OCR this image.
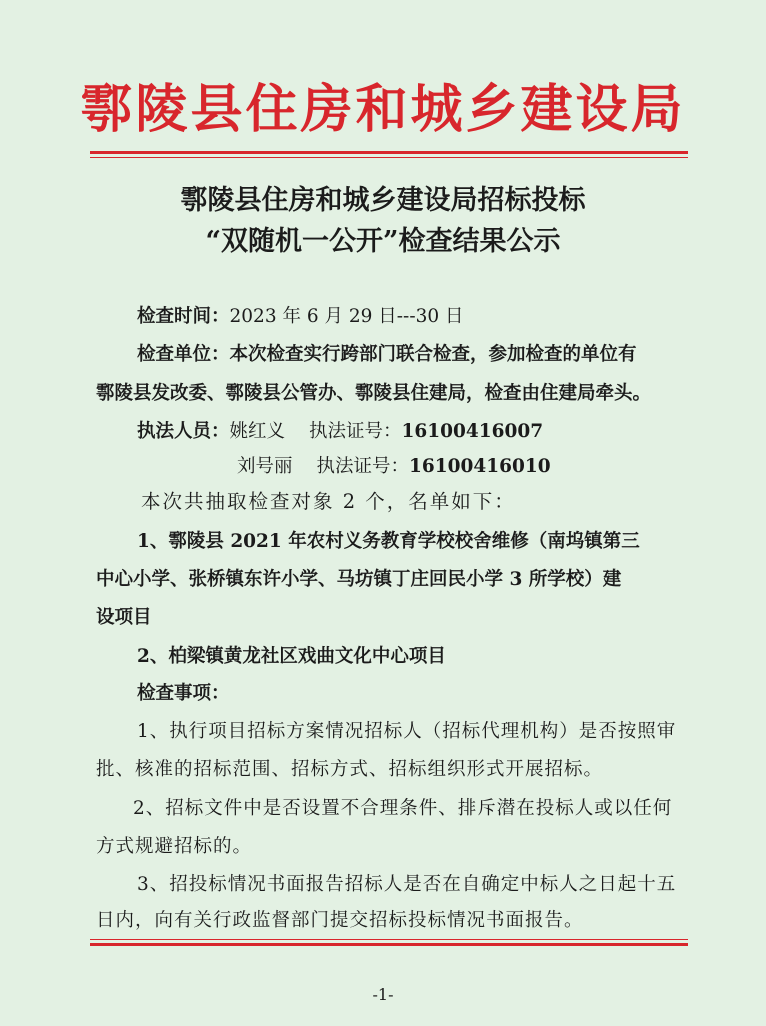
鄠陵县住房和城乡建设局
鄠陵县住房和城乡建设局招标投标
“双随机一公开”检查结果公示
检查时间：2023 年 6 月 29 日---30 日
检查单位：本次检查实行跨部门联合检查，参加检查的单位有
鄠陵县发改委、鄠陵县公管办、鄠陵县住建局，检查由住建局牵头。
执法人员：姚红义 执法证号：16100416007
刘号丽 执法证号：16100416010
本次共抽取检查对象 2 个，名单如下：
1、鄠陵县 2021 年农村义务教育学校校舍维修（南坞镇第三
中心小学、张桥镇东许小学、马坊镇丁庄回民小学 3 所学校）建
设项目
2、柏梁镇黄龙社区戏曲文化中心项目
检查事项：
1、执行项目招标方案情况招标人（招标代理机构）是否按照审
批、核准的招标范围、招标方式、招标组织形式开展招标。
2、招标文件中是否设置不合理条件、排斥潜在投标人或以任何
方式规避招标的。
3、招投标情况书面报告招标人是否在自确定中标人之日起十五
日内，向有关行政监督部门提交招标投标情况书面报告。
-1-
